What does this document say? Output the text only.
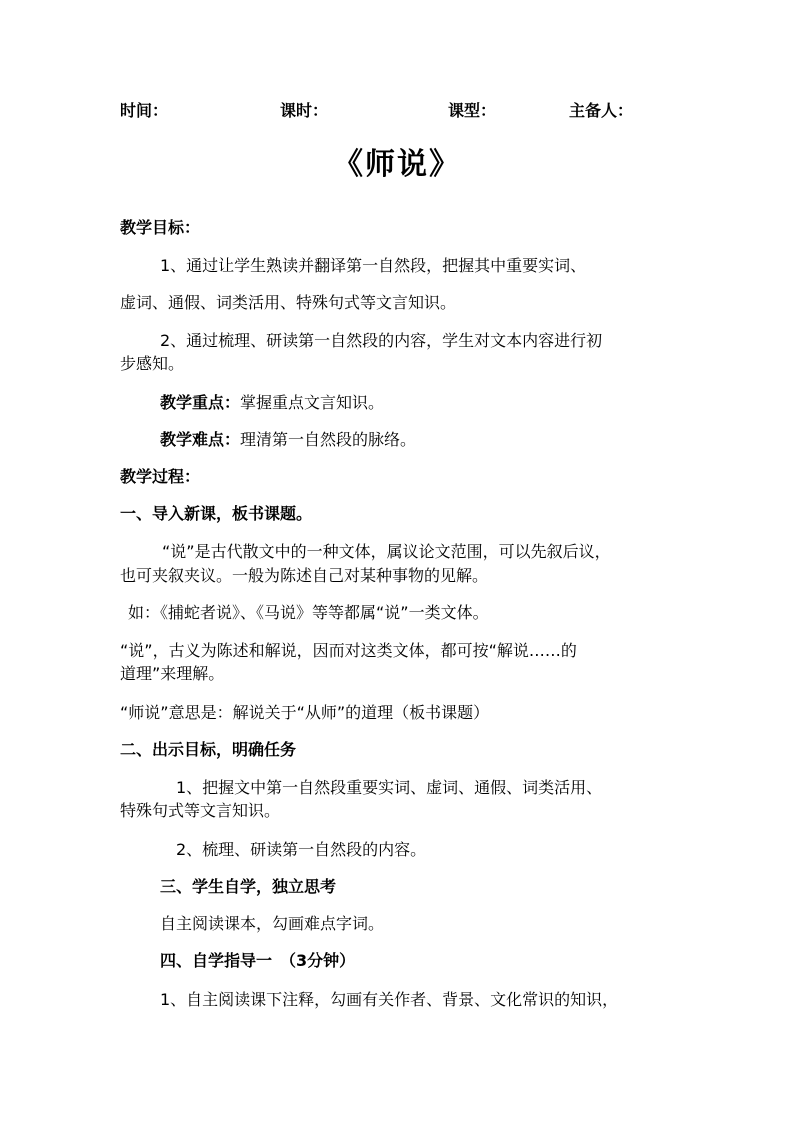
时间：	课时：	课型：	主备人：
《师说》
教学目标：
1、通过让学生熟读并翻译第一自然段，把握其中重要实词、
虚词、通假、词类活用、特殊句式等文言知识。
2、通过梳理、研读第一自然段的内容，学生对文本内容进行初
步感知。
教学重点：掌握重点文言知识。
教学难点：理清第一自然段的脉络。
教学过程：
一、导入新课，板书课题。
“说”是古代散文中的一种文体，属议论文范围，可以先叙后议，
也可夹叙夹议。一般为陈述自己对某种事物的见解。
如：《捕蛇者说》、《马说》等等都属“说”一类文体。
“说”，古义为陈述和解说，因而对这类文体，都可按“解说……的
道理”来理解。
“师说”意思是：解说关于“从师”的道理（板书课题）
二、出示目标，明确任务
1、把握文中第一自然段重要实词、虚词、通假、词类活用、
特殊句式等文言知识。
2、梳理、研读第一自然段的内容。
三、学生自学，独立思考
自主阅读课本，勾画难点字词。
四、自学指导一　（3分钟）
1、自主阅读课下注释，勾画有关作者、背景、文化常识的知识，
